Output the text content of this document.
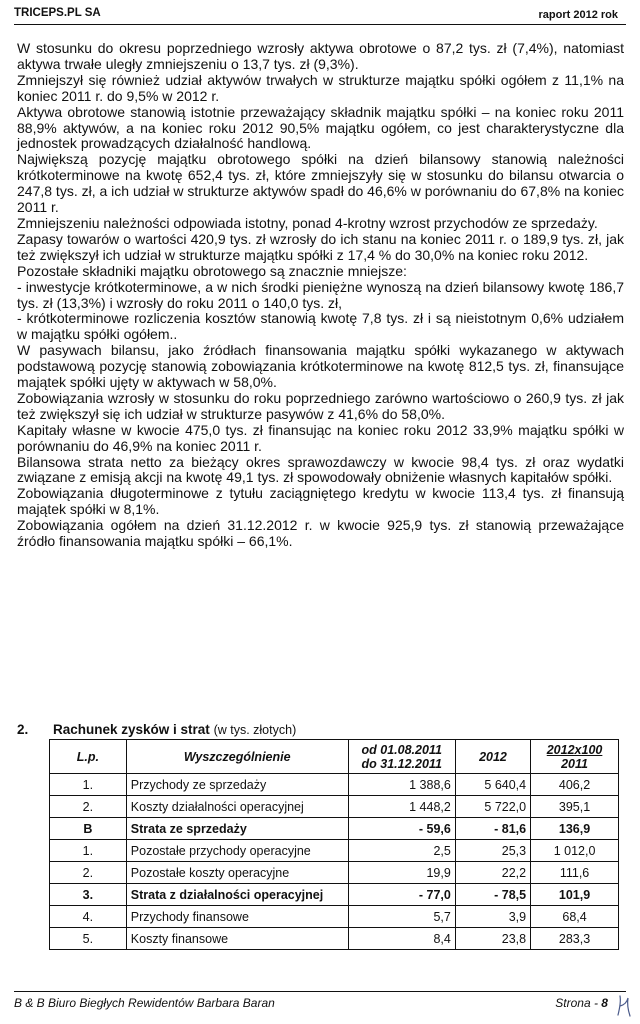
TRICEPS.PL SA	raport 2012 rok

W stosunku do okresu poprzedniego wzrosły aktywa obrotowe o 87,2 tys. zł (7,4%), natomiast aktywa trwałe uległy zmniejszeniu o 13,7 tys. zł (9,3%).

Zmniejszył się również udział aktywów trwałych w strukturze majątku spółki ogółem z 11,1% na koniec 2011 r. do 9,5% w 2012 r.

Aktywa obrotowe stanowią istotnie przeważający składnik majątku spółki – na koniec roku 2011 88,9% aktywów, a na koniec roku 2012 90,5% majątku ogółem, co jest charakterystyczne dla jednostek prowadzących działalność handlową.

Największą pozycję majątku obrotowego spółki na dzień bilansowy stanowią należności krótkoterminowe na kwotę 652,4 tys. zł, które zmniejszyły się w stosunku do bilansu otwarcia o 247,8 tys. zł, a ich udział w strukturze aktywów spadł do 46,6% w porównaniu do 67,8% na koniec 2011 r.

Zmniejszeniu należności odpowiada istotny, ponad 4-krotny wzrost przychodów ze sprzedaży.

Zapasy towarów o wartości 420,9 tys. zł wzrosły do ich stanu na koniec 2011 r. o 189,9 tys. zł, jak też zwiększył ich udział w strukturze majątku spółki z 17,4 % do 30,0% na koniec roku 2012.

Pozostałe składniki majątku obrotowego są znacznie mniejsze:

- inwestycje krótkoterminowe, a w nich środki pieniężne wynoszą na dzień bilansowy kwotę 186,7 tys. zł (13,3%) i wzrosły do roku 2011 o 140,0 tys. zł,

- krótkoterminowe rozliczenia kosztów stanowią kwotę 7,8 tys. zł i są nieistotnym 0,6% udziałem w majątku spółki ogółem..

W pasywach bilansu, jako źródłach finansowania majątku spółki wykazanego w aktywach podstawową pozycję stanowią zobowiązania krótkoterminowe na kwotę 812,5 tys. zł, finansujące majątek spółki ujęty w aktywach w 58,0%.

Zobowiązania wzrosły w stosunku do roku poprzedniego zarówno wartościowo o 260,9 tys. zł jak też zwiększył się ich udział w strukturze pasywów z 41,6% do 58,0%.

Kapitały własne w kwocie 475,0 tys. zł finansując na koniec roku 2012 33,9% majątku spółki w porównaniu do 46,9% na koniec 2011 r.

Bilansowa strata netto za bieżący okres sprawozdawczy w kwocie 98,4 tys. zł oraz wydatki związane z emisją akcji na kwotę 49,1 tys. zł spowodowały obniżenie własnych kapitałów spółki.

Zobowiązania długoterminowe z tytułu zaciągniętego kredytu w kwocie 113,4 tys. zł finansują majątek spółki w 8,1%.

Zobowiązania ogółem na dzień 31.12.2012 r. w kwocie 925,9 tys. zł stanowią przeważające źródło finansowania majątku spółki – 66,1%.

2. Rachunek zysków i strat (w tys. złotych)
L.p.	Wyszczególnienie	od 01.08.2011
do 31.12.2011	2012	2012x100
2011
1.	Przychody ze sprzedaży	1 388,6	5 640,4	406,2
2.	Koszty działalności operacyjnej	1 448,2	5 722,0	395,1
B	Strata ze sprzedaży	- 59,6	- 81,6	136,9
1.	Pozostałe przychody operacyjne	2,5	25,3	1 012,0
2.	Pozostałe koszty operacyjne	19,9	22,2	111,6
3.	Strata z działalności operacyjnej	- 77,0	- 78,5	101,9
4.	Przychody finansowe	5,7	3,9	68,4
5.	Koszty finansowe	8,4	23,8	283,3
B & B Biuro Biegłych Rewidentów Barbara Baran	Strona - 8
